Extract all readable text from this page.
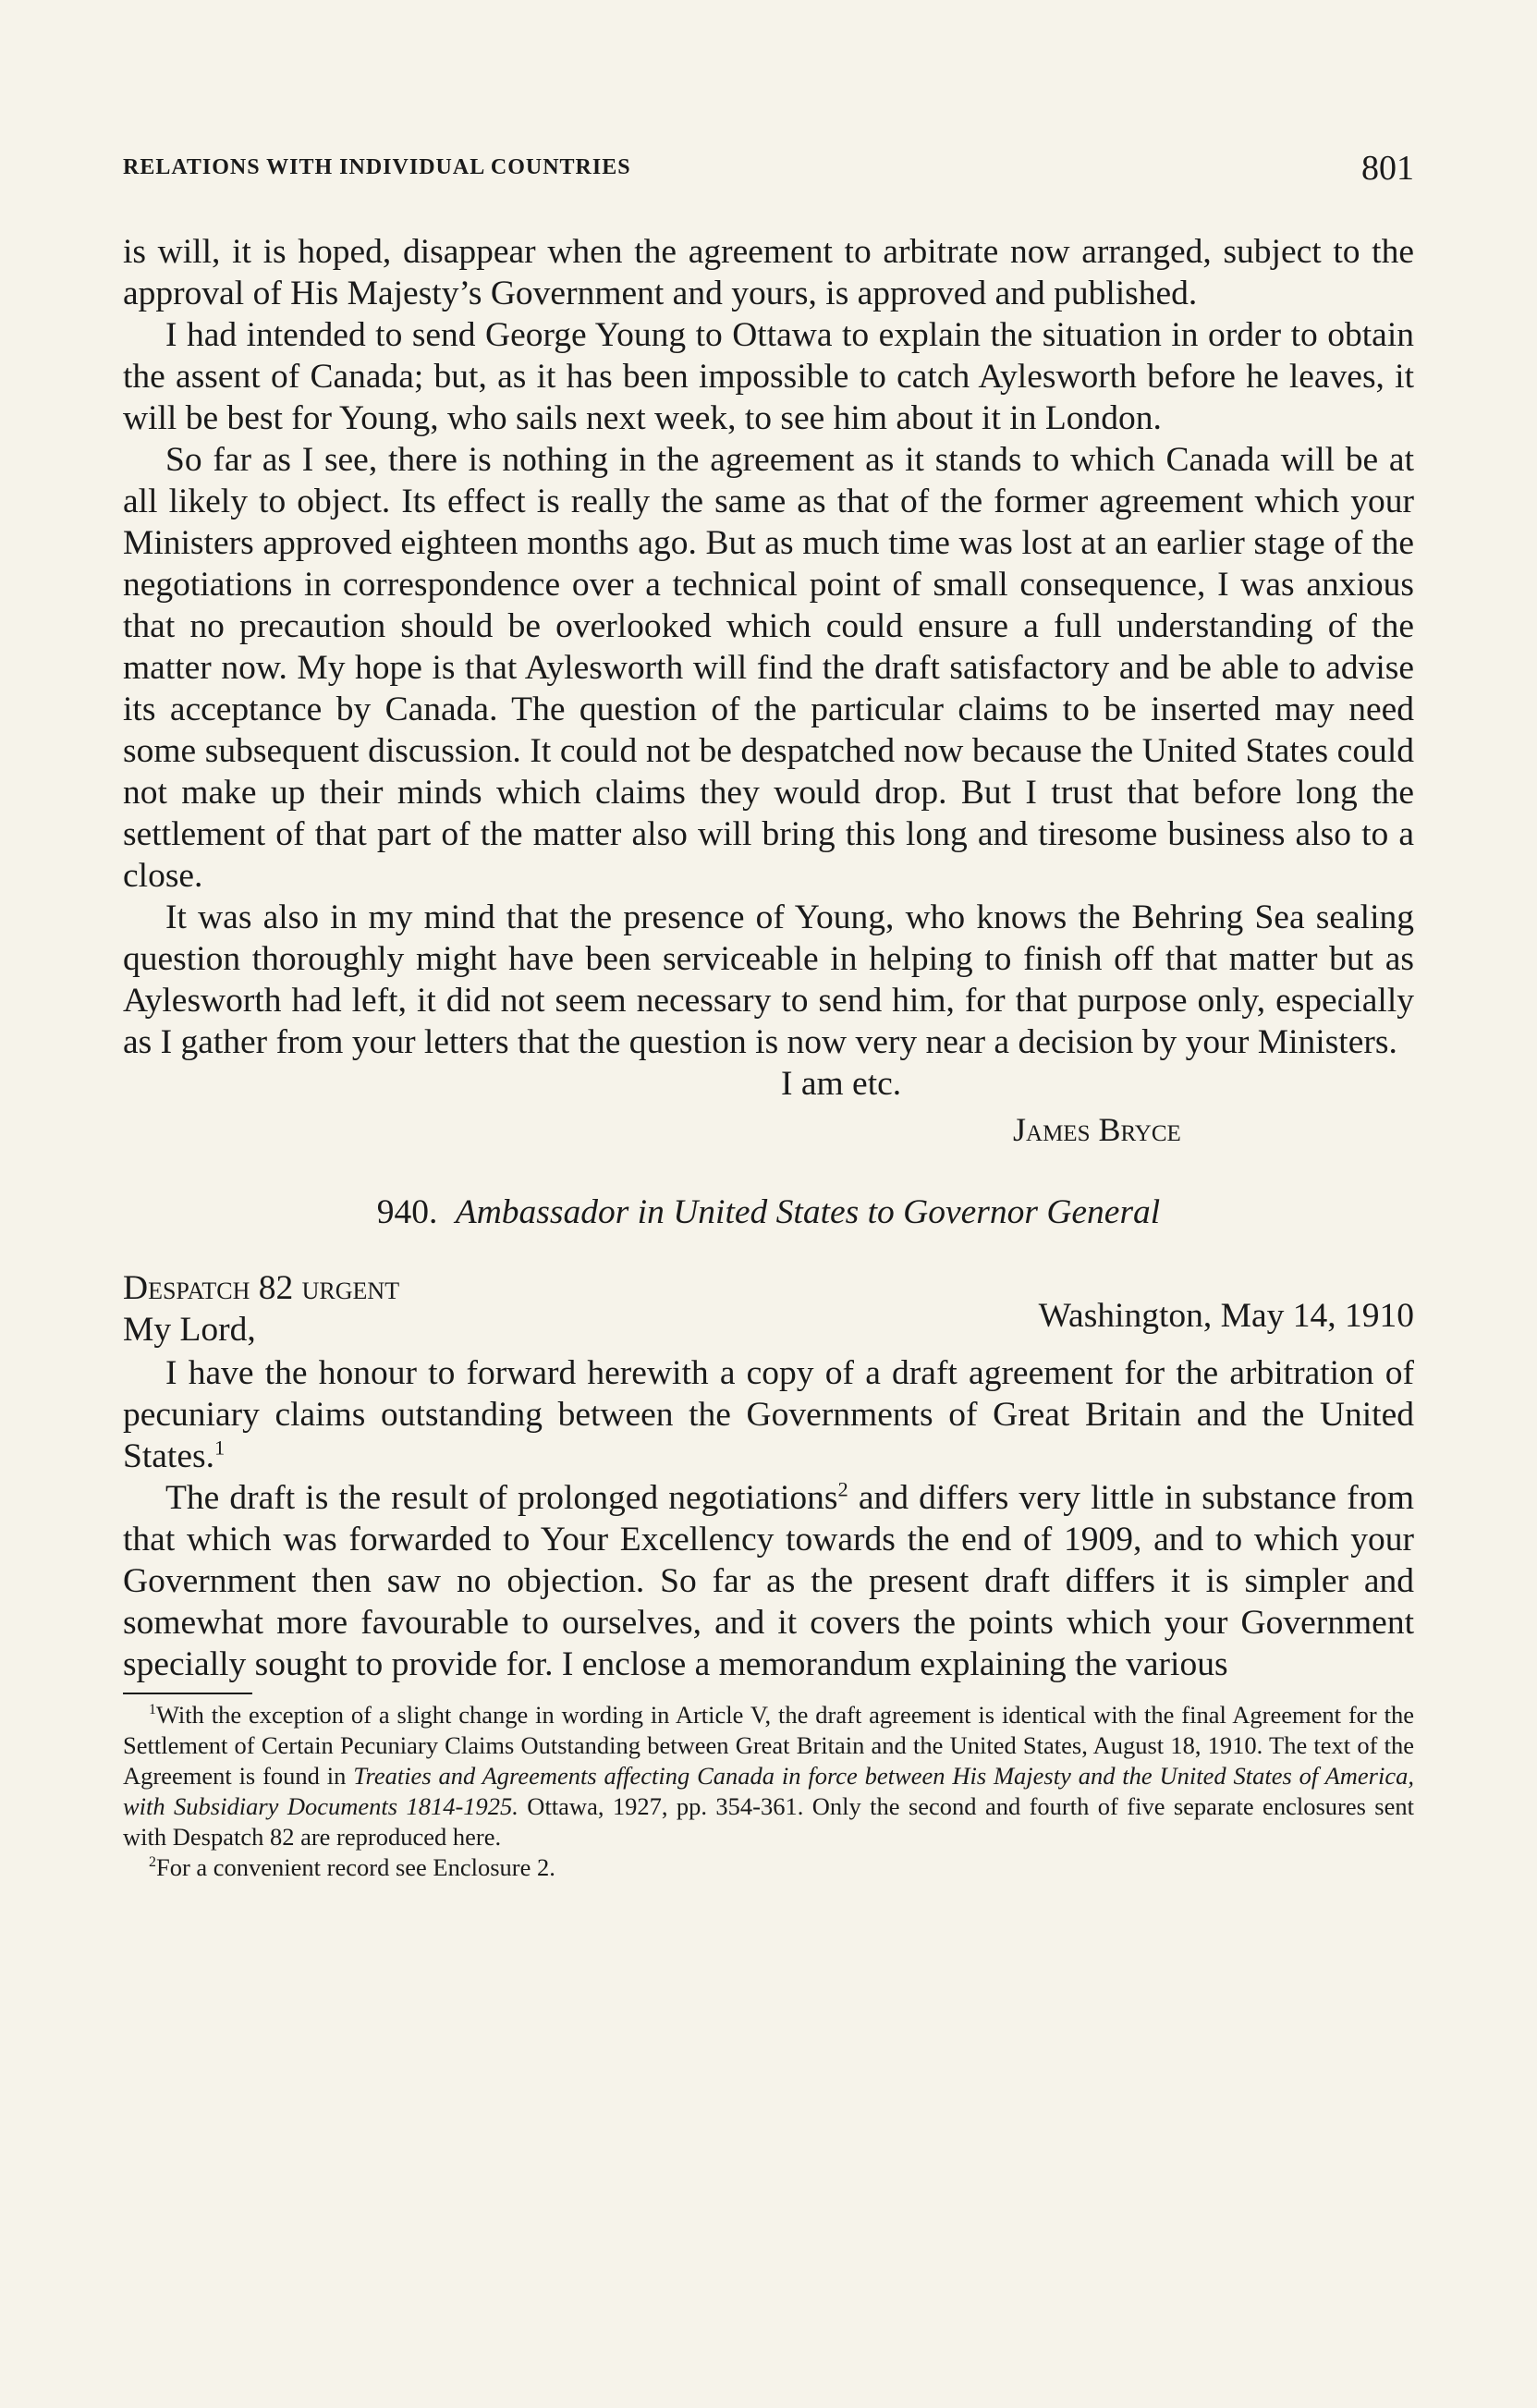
RELATIONS WITH INDIVIDUAL COUNTRIES	801

is will, it is hoped, disappear when the agreement to arbitrate now arranged, subject to the approval of His Majesty’s Government and yours, is approved and published.

I had intended to send George Young to Ottawa to explain the situation in order to obtain the assent of Canada; but, as it has been impossible to catch Aylesworth before he leaves, it will be best for Young, who sails next week, to see him about it in London.

So far as I see, there is nothing in the agreement as it stands to which Canada will be at all likely to object. Its effect is really the same as that of the former agreement which your Ministers approved eighteen months ago. But as much time was lost at an earlier stage of the negotiations in correspondence over a technical point of small consequence, I was anxious that no precaution should be overlooked which could ensure a full understanding of the matter now. My hope is that Aylesworth will find the draft satisfactory and be able to advise its acceptance by Canada. The question of the particular claims to be inserted may need some subsequent discussion. It could not be despatched now because the United States could not make up their minds which claims they would drop. But I trust that before long the settlement of that part of the matter also will bring this long and tiresome business also to a close.

It was also in my mind that the presence of Young, who knows the Behring Sea sealing question thoroughly might have been serviceable in helping to finish off that matter but as Aylesworth had left, it did not seem necessary to send him, for that purpose only, especially as I gather from your letters that the question is now very near a decision by your Ministers.

I am etc.
James Bryce
940. Ambassador in United States to Governor General
Despatch 82 urgent
My Lord,	Washington, May 14, 1910

I have the honour to forward herewith a copy of a draft agreement for the arbitration of pecuniary claims outstanding between the Governments of Great Britain and the United States.$^1$

The draft is the result of prolonged negotiations$^2$ and differs very little in substance from that which was forwarded to Your Excellency towards the end of 1909, and to which your Government then saw no objection. So far as the present draft differs it is simpler and somewhat more favourable to ourselves, and it covers the points which your Government specially sought to provide for. I enclose a memorandum explaining the various

$^1$With the exception of a slight change in wording in Article V, the draft agreement is identical with the final Agreement for the Settlement of Certain Pecuniary Claims Outstanding between Great Britain and the United States, August 18, 1910. The text of the Agreement is found in Treaties and Agreements affecting Canada in force between His Majesty and the United States of America, with Subsidiary Documents 1814-1925. Ottawa, 1927, pp. 354-361. Only the second and fourth of five separate enclosures sent with Despatch 82 are reproduced here.

$^2$For a convenient record see Enclosure 2.
